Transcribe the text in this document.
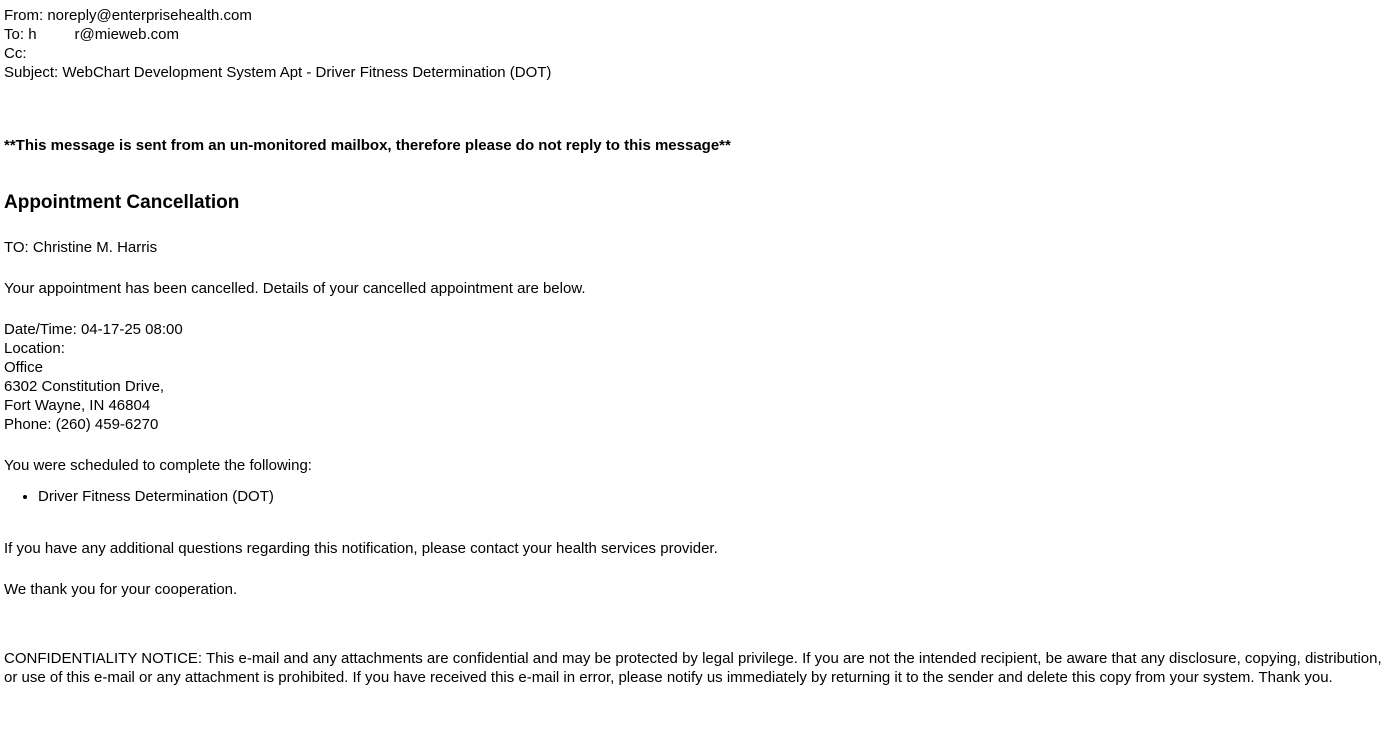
From: noreply@enterprisehealth.com
To: h	r@mieweb.com
Cc:
Subject: WebChart Development System Apt - Driver Fitness Determination (DOT)
**This message is sent from an un-monitored mailbox, therefore please do not reply to this message**
Appointment Cancellation
TO: Christine M. Harris
Your appointment has been cancelled. Details of your cancelled appointment are below.
Date/Time: 04-17-25 08:00
Location:
Office
6302 Constitution Drive,
Fort Wayne, IN 46804
Phone: (260) 459-6270
You were scheduled to complete the following:
• Driver Fitness Determination (DOT)
If you have any additional questions regarding this notification, please contact your health services provider.
We thank you for your cooperation.
CONFIDENTIALITY NOTICE: This e-mail and any attachments are confidential and may be protected by legal privilege. If you are not the intended recipient, be aware that any disclosure, copying, distribution, or use of this e-mail or any attachment is prohibited. If you have received this e-mail in error, please notify us immediately by returning it to the sender and delete this copy from your system. Thank you.
